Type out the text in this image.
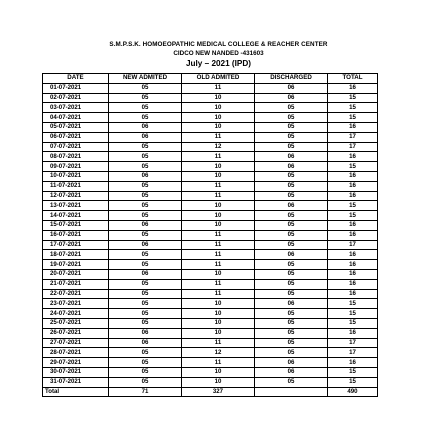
S.M.P.S.K. HOMOEOPATHIC MEDICAL COLLEGE & REACHER CENTER
CIDCO NEW NANDED -431603
July – 2021 (IPD)
DATE	NEW ADMITED	OLD ADMITED	DISCHARGED	TOTAL
01-07-2021	05	11	06	16
02-07-2021	05	10	06	15
03-07-2021	05	10	05	15
04-07-2021	05	10	05	15
05-07-2021	06	10	05	16
06-07-2021	06	11	05	17
07-07-2021	05	12	05	17
08-07-2021	05	11	06	16
09-07-2021	05	10	06	15
10-07-2021	06	10	05	16
11-07-2021	05	11	05	16
12-07-2021	05	11	05	16
13-07-2021	05	10	06	15
14-07-2021	05	10	05	15
15-07-2021	06	10	05	16
16-07-2021	05	11	05	16
17-07-2021	06	11	05	17
18-07-2021	05	11	06	16
19-07-2021	05	11	05	16
20-07-2021	06	10	05	16
21-07-2021	05	11	05	16
22-07-2021	05	11	05	16
23-07-2021	05	10	06	15
24-07-2021	05	10	05	15
25-07-2021	05	10	05	15
26-07-2021	06	10	05	16
27-07-2021	06	11	05	17
28-07-2021	05	12	05	17
29-07-2021	05	11	06	16
30-07-2021	05	10	06	15
31-07-2021	05	10	05	15
Total	71	327		490
